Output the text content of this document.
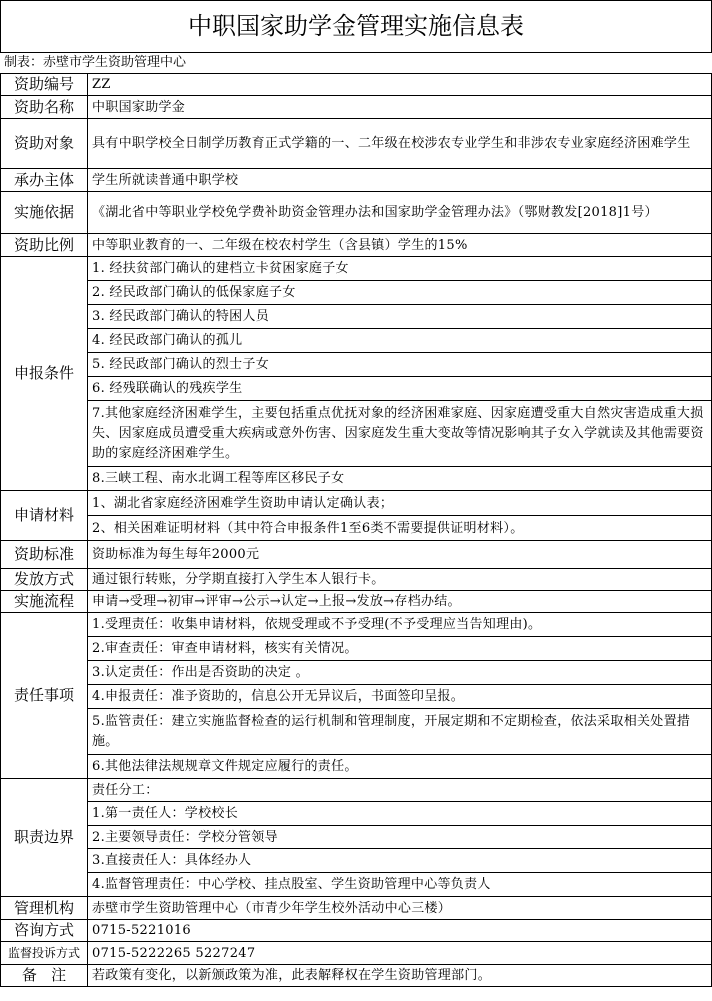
中职国家助学金管理实施信息表
制表：赤壁市学生资助管理中心
资助编号	ZZ
资助名称	中职国家助学金
资助对象	具有中职学校全日制学历教育正式学籍的一、二年级在校涉农专业学生和非涉农专业家庭经济困难学生
承办主体	学生所就读普通中职学校
实施依据	《湖北省中等职业学校免学费补助资金管理办法和国家助学金管理办法》（鄂财教发[2018]1号）
资助比例	中等职业教育的一、二年级在校农村学生（含县镇）学生的15%
申报条件	1. 经扶贫部门确认的建档立卡贫困家庭子女
	2. 经民政部门确认的低保家庭子女
	3. 经民政部门确认的特困人员
	4. 经民政部门确认的孤儿
	5. 经民政部门确认的烈士子女
	6. 经残联确认的残疾学生
	7.其他家庭经济困难学生，主要包括重点优抚对象的经济困难家庭、因家庭遭受重大自然灾害造成重大损失、因家庭成员遭受重大疾病或意外伤害、因家庭发生重大变故等情况影响其子女入学就读及其他需要资助的家庭经济困难学生。
	8.三峡工程、南水北调工程等库区移民子女
申请材料	1、湖北省家庭经济困难学生资助申请认定确认表；
	2、相关困难证明材料（其中符合申报条件1至6类不需要提供证明材料）。
资助标准	资助标准为每生每年2000元
发放方式	通过银行转账，分学期直接打入学生本人银行卡。
实施流程	申请→受理→初审→评审→公示→认定→上报→发放→存档办结。
责任事项	1.受理责任：收集申请材料，依规受理或不予受理(不予受理应当告知理由)。
	2.审查责任：审查申请材料，核实有关情况。
	3.认定责任：作出是否资助的决定 。
	4.申报责任：准予资助的，信息公开无异议后，书面签印呈报。
	5.监管责任：建立实施监督检查的运行机制和管理制度，开展定期和不定期检查，依法采取相关处置措施。
	6.其他法律法规规章文件规定应履行的责任。
职责边界	责任分工：
	1.第一责任人：学校校长
	2.主要领导责任：学校分管领导
	3.直接责任人：具体经办人
	4.监督管理责任：中心学校、挂点股室、学生资助管理中心等负责人
管理机构	赤壁市学生资助管理中心（市青少年学生校外活动中心三楼）
咨询方式	0715-5221016
监督投诉方式	0715-5222265 5227247
备   注	若政策有变化，以新颁政策为准，此表解释权在学生资助管理部门。
